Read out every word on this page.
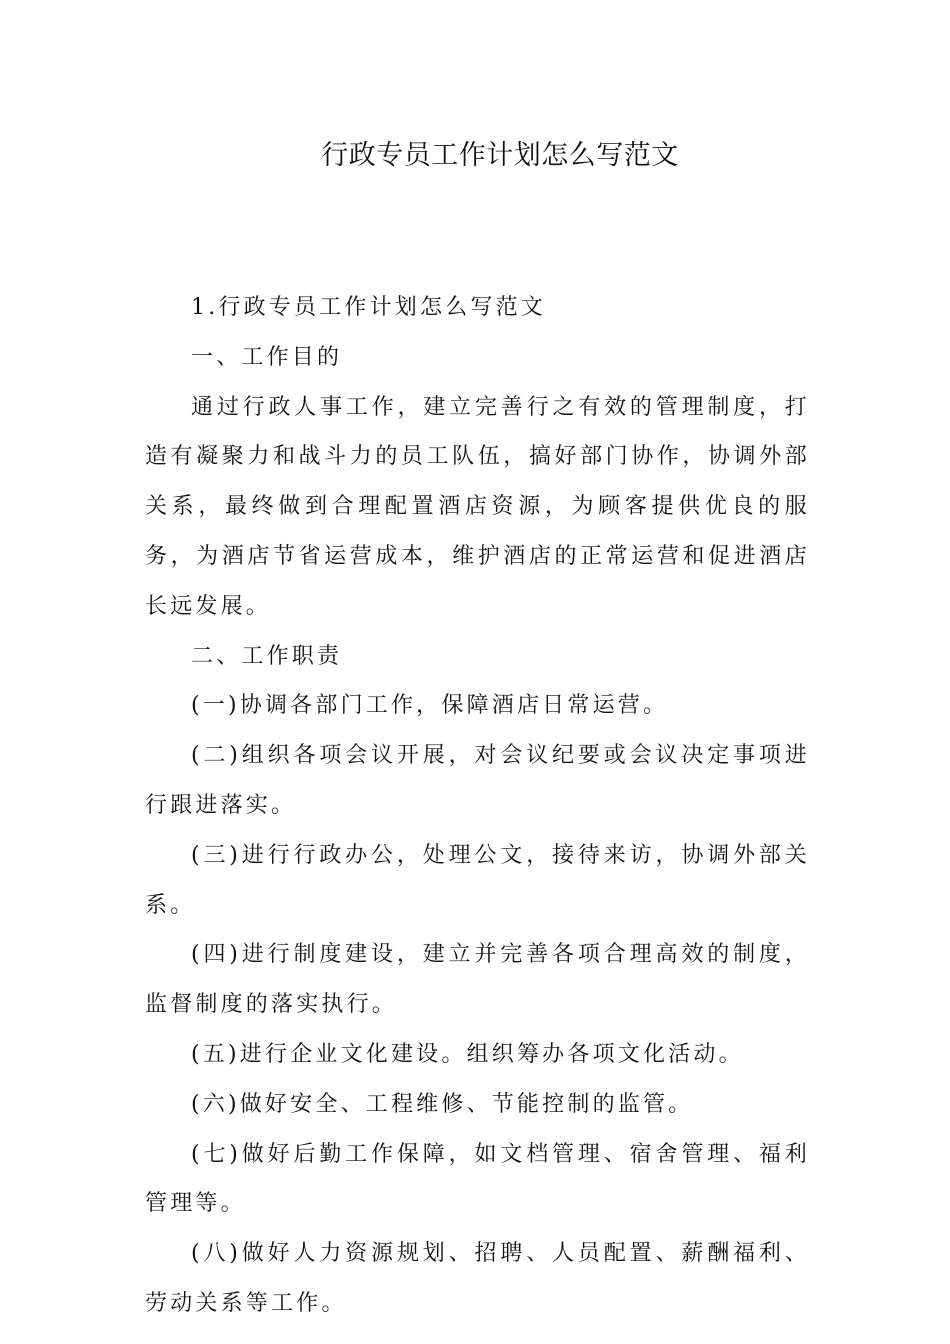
行政专员工作计划怎么写范文

1.行政专员工作计划怎么写范文

一、工作目的

通过行政人事工作，建立完善行之有效的管理制度，打造有凝聚力和战斗力的员工队伍，搞好部门协作，协调外部关系，最终做到合理配置酒店资源，为顾客提供优良的服务，为酒店节省运营成本，维护酒店的正常运营和促进酒店长远发展。

二、工作职责

(一)协调各部门工作，保障酒店日常运营。

(二)组织各项会议开展，对会议纪要或会议决定事项进行跟进落实。

(三)进行行政办公，处理公文，接待来访，协调外部关系。

(四)进行制度建设，建立并完善各项合理高效的制度，监督制度的落实执行。

(五)进行企业文化建设。组织筹办各项文化活动。

(六)做好安全、工程维修、节能控制的监管。

(七)做好后勤工作保障，如文档管理、宿舍管理、福利管理等。

(八)做好人力资源规划、招聘、人员配置、薪酬福利、劳动关系等工作。
